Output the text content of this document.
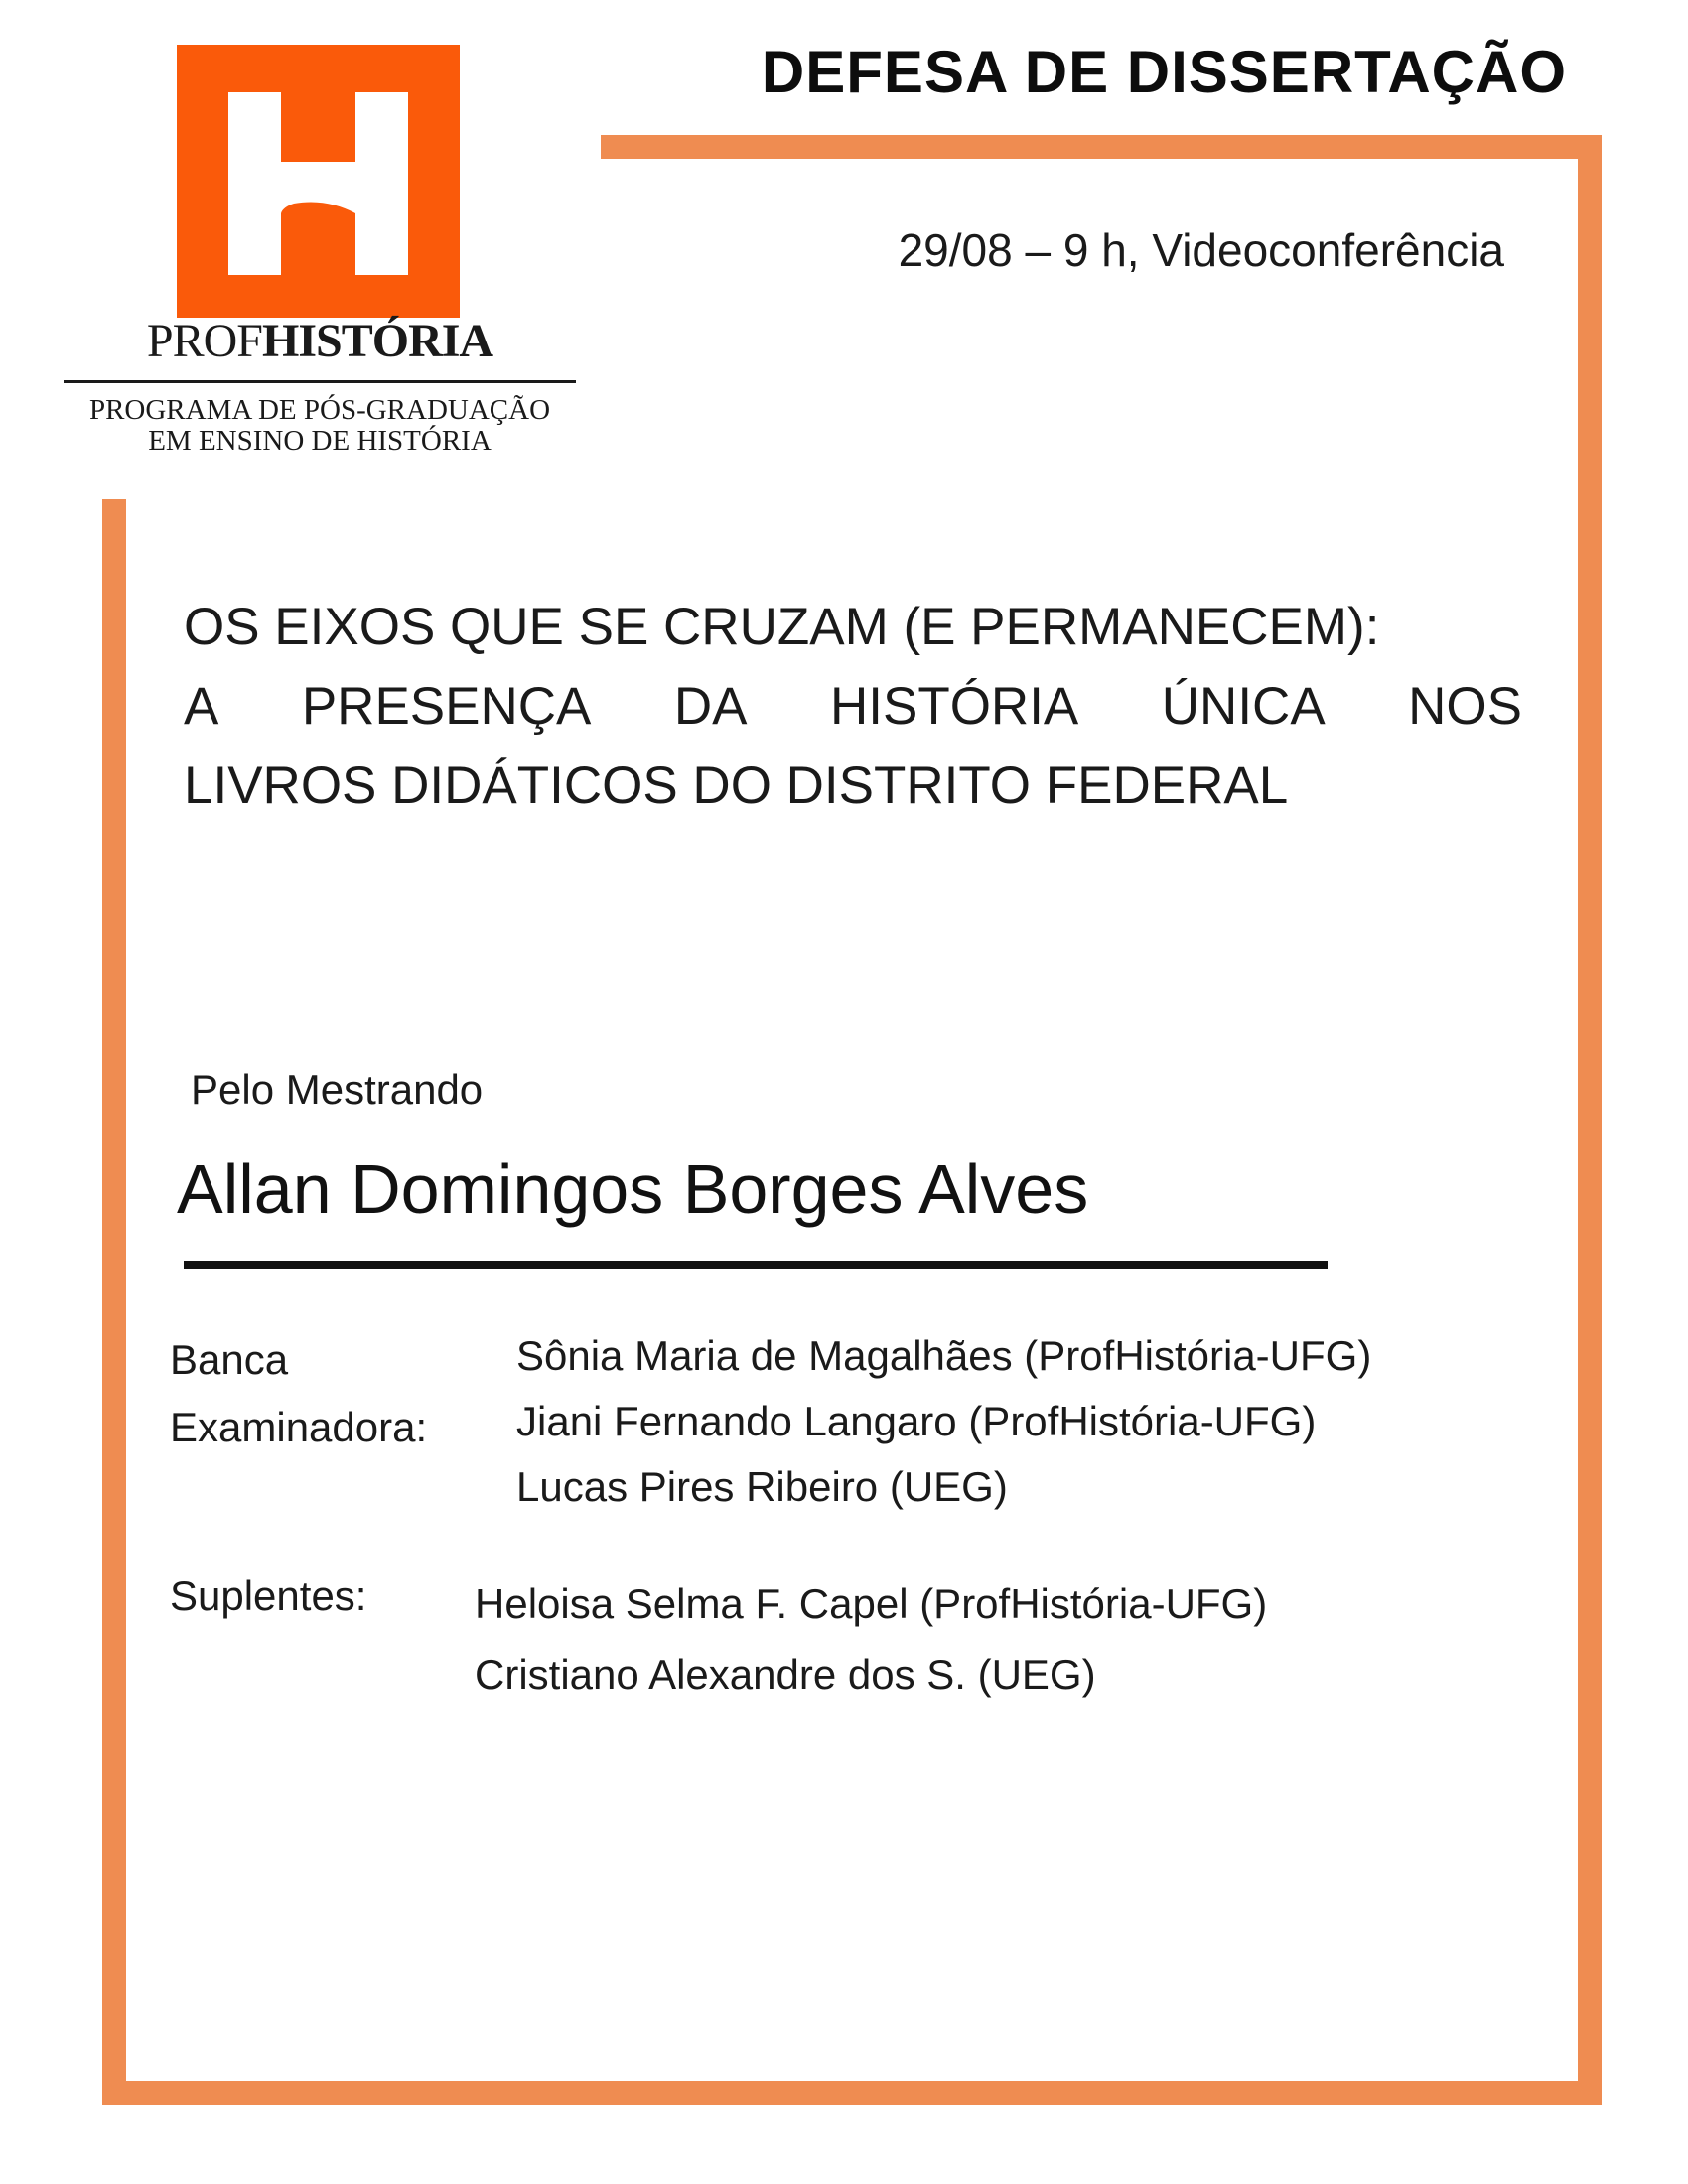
PROFHISTÓRIA
PROGRAMA DE PÓS-GRADUAÇÃO
EM ENSINO DE HISTÓRIA
DEFESA DE DISSERTAÇÃO
29/08 – 9 h, Videoconferência
OS EIXOS QUE SE CRUZAM (E PERMANECEM):
A PRESENÇA DA HISTÓRIA ÚNICA NOS
LIVROS DIDÁTICOS DO DISTRITO FEDERAL
Pelo Mestrando
Allan Domingos Borges Alves
Banca
Examinadora:
Sônia Maria de Magalhães (ProfHistória-UFG)
Jiani Fernando Langaro (ProfHistória-UFG)
Lucas Pires Ribeiro (UEG)
Suplentes:	Heloisa Selma F. Capel (ProfHistória-UFG)
Cristiano Alexandre dos S. (UEG)
